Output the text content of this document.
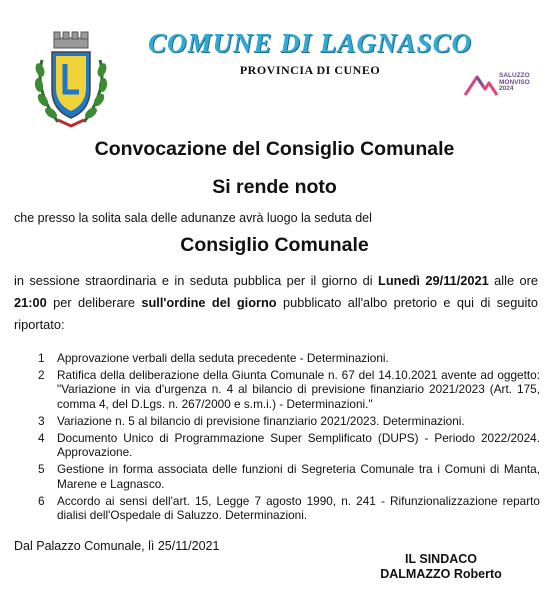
COMUNE DI LAGNASCO
PROVINCIA DI CUNEO	SALUZZO
MONVISO
2024
Convocazione del Consiglio Comunale
Si rende noto
che presso la solita sala delle adunanze avrà luogo la seduta del
Consiglio Comunale
in sessione straordinaria e in seduta pubblica per il giorno di Lunedì 29/11/2021 alle ore 21:00 per deliberare sull'ordine del giorno pubblicato all'albo pretorio e qui di seguito riportato:
1	Approvazione verbali della seduta precedente - Determinazioni.
2	Ratifica della deliberazione della Giunta Comunale n. 67 del 14.10.2021 avente ad oggetto: "Variazione in via d'urgenza n. 4 al bilancio di previsione finanziario 2021/2023 (Art. 175, comma 4, del D.Lgs. n. 267/2000 e s.m.i.) - Determinazioni."
3	Variazione n. 5 al bilancio di previsione finanziario 2021/2023. Determinazioni.
4	Documento Unico di Programmazione Super Semplificato (DUPS) - Periodo 2022/2024. Approvazione.
5	Gestione in forma associata delle funzioni di Segreteria Comunale tra i Comuni di Manta, Marene e Lagnasco.
6	Accordo ai sensi dell'art. 15, Legge 7 agosto 1990, n. 241 - Rifunzionalizzazione reparto dialisi dell'Ospedale di Saluzzo. Determinazioni.
Dal Palazzo Comunale, lì 25/11/2021
IL SINDACO
DALMAZZO Roberto
